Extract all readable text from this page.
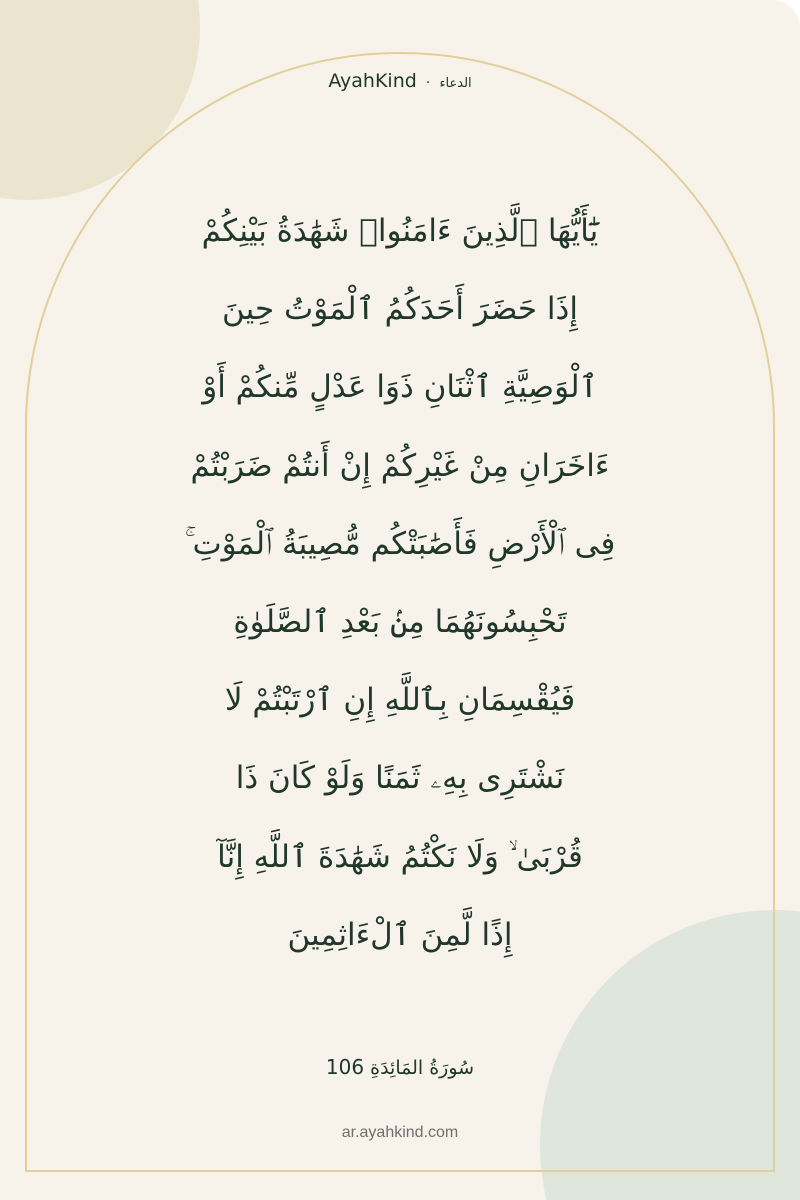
AyahKind · الدعاء
يَٰٓأَيُّهَا ٱلَّذِينَ ءَامَنُوا۟ شَهَٰدَةُ بَيْنِكُمْ
إِذَا حَضَرَ أَحَدَكُمُ ٱلْمَوْتُ حِينَ
ٱلْوَصِيَّةِ ٱثْنَانِ ذَوَا عَدْلٍ مِّنكُمْ أَوْ
ءَاخَرَانِ مِنْ غَيْرِكُمْ إِنْ أَنتُمْ ضَرَبْتُمْ
فِى ٱلْأَرْضِ فَأَصَٰبَتْكُم مُّصِيبَةُ ٱلْمَوْتِ ۚ
تَحْبِسُونَهُمَا مِنۢ بَعْدِ ٱلصَّلَوٰةِ
فَيُقْسِمَانِ بِٱللَّهِ إِنِ ٱرْتَبْتُمْ لَا
نَشْتَرِى بِهِۦ ثَمَنًا وَلَوْ كَانَ ذَا
قُرْبَىٰ ۙ وَلَا نَكْتُمُ شَهَٰدَةَ ٱللَّهِ إِنَّآ
إِذًا لَّمِنَ ٱلْءَاثِمِينَ
سُورَةُ المَائِدَةِ 106
ar.ayahkind.com
